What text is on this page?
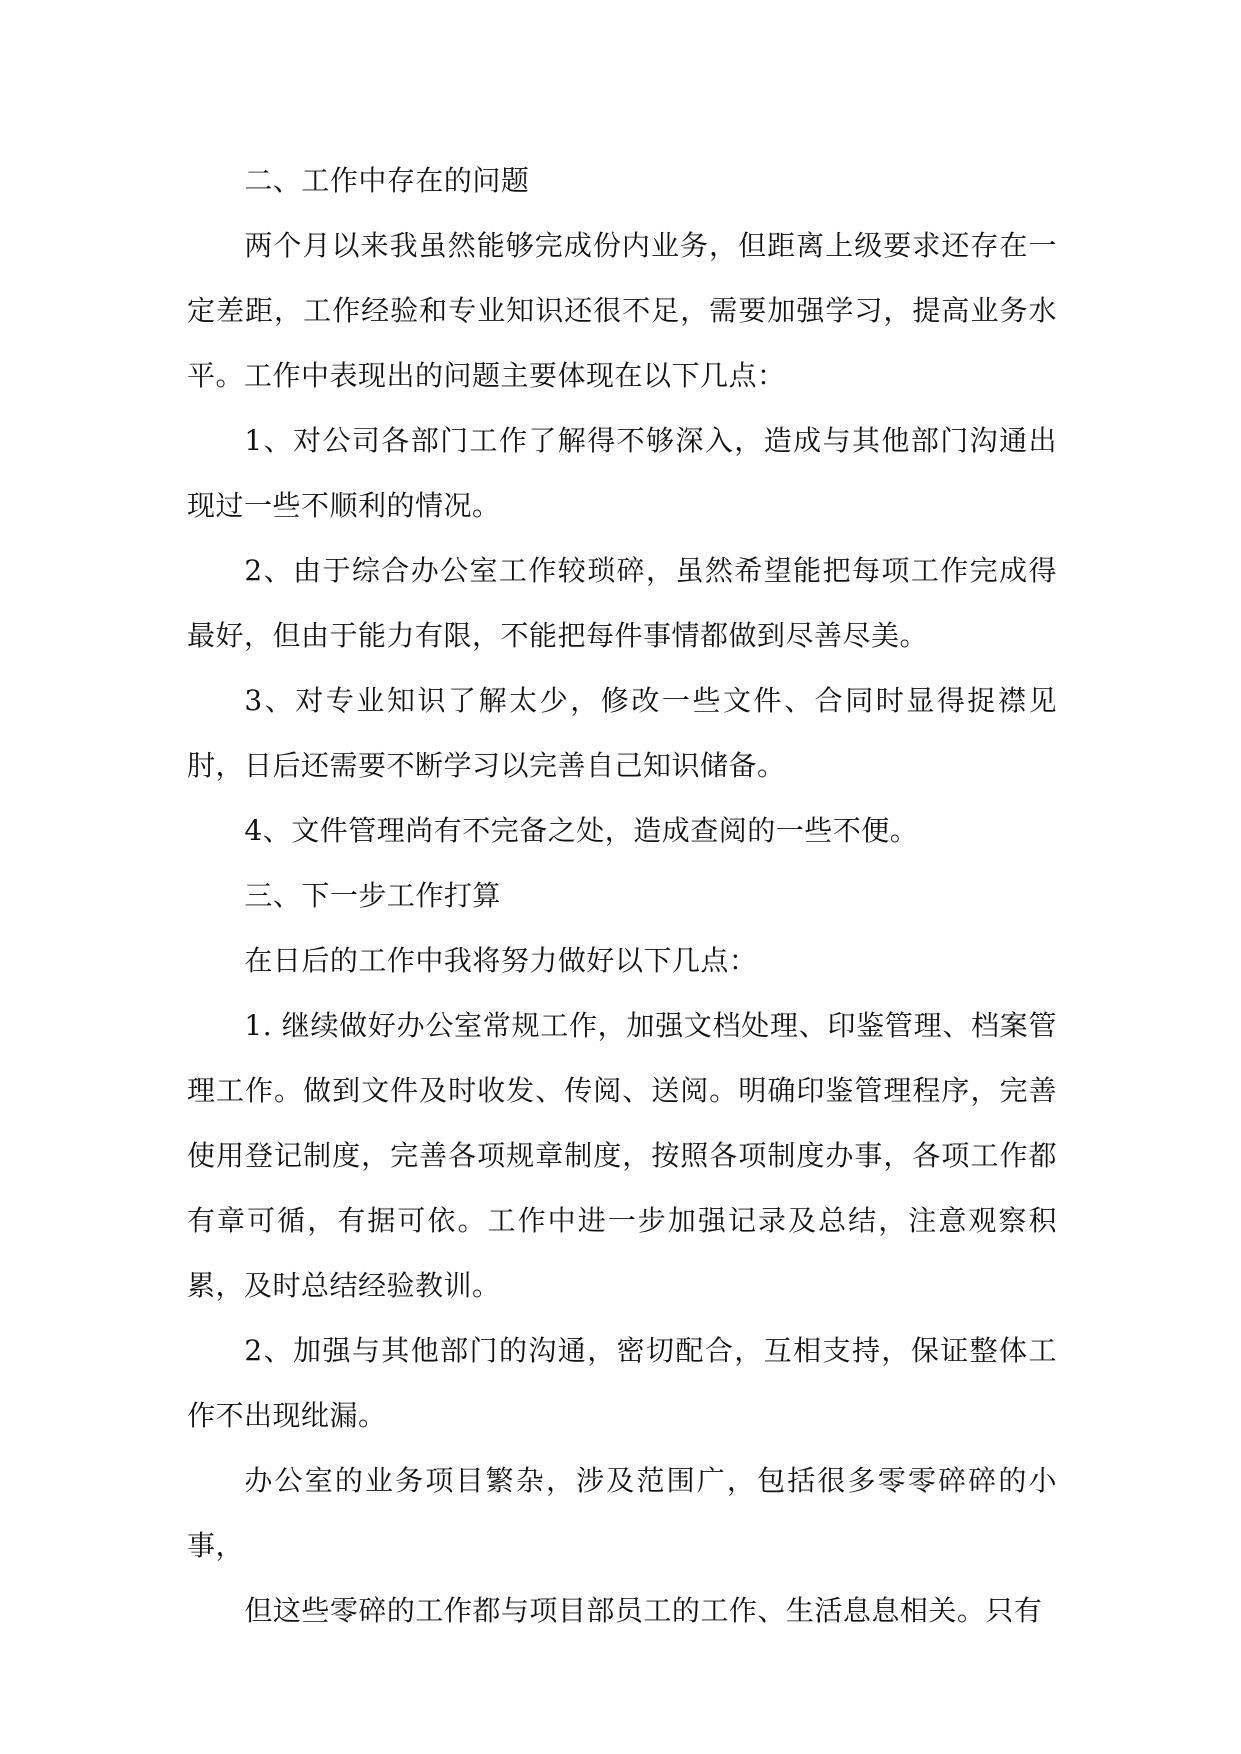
二、工作中存在的问题

两个月以来我虽然能够完成份内业务，但距离上级要求还存在一定差距，工作经验和专业知识还很不足，需要加强学习，提高业务水平。工作中表现出的问题主要体现在以下几点：

1、对公司各部门工作了解得不够深入，造成与其他部门沟通出现过一些不顺利的情况。

2、由于综合办公室工作较琐碎，虽然希望能把每项工作完成得最好，但由于能力有限，不能把每件事情都做到尽善尽美。

3、对专业知识了解太少，修改一些文件、合同时显得捉襟见肘，日后还需要不断学习以完善自己知识储备。

4、文件管理尚有不完备之处，造成查阅的一些不便。

三、下一步工作打算

在日后的工作中我将努力做好以下几点：

1. 继续做好办公室常规工作，加强文档处理、印鉴管理、档案管理工作。做到文件及时收发、传阅、送阅。明确印鉴管理程序，完善使用登记制度，完善各项规章制度，按照各项制度办事，各项工作都有章可循，有据可依。工作中进一步加强记录及总结，注意观察积累，及时总结经验教训。

2、加强与其他部门的沟通，密切配合，互相支持，保证整体工作不出现纰漏。

办公室的业务项目繁杂，涉及范围广，包括很多零零碎碎的小事，

但这些零碎的工作都与项目部员工的工作、生活息息相关。只有
